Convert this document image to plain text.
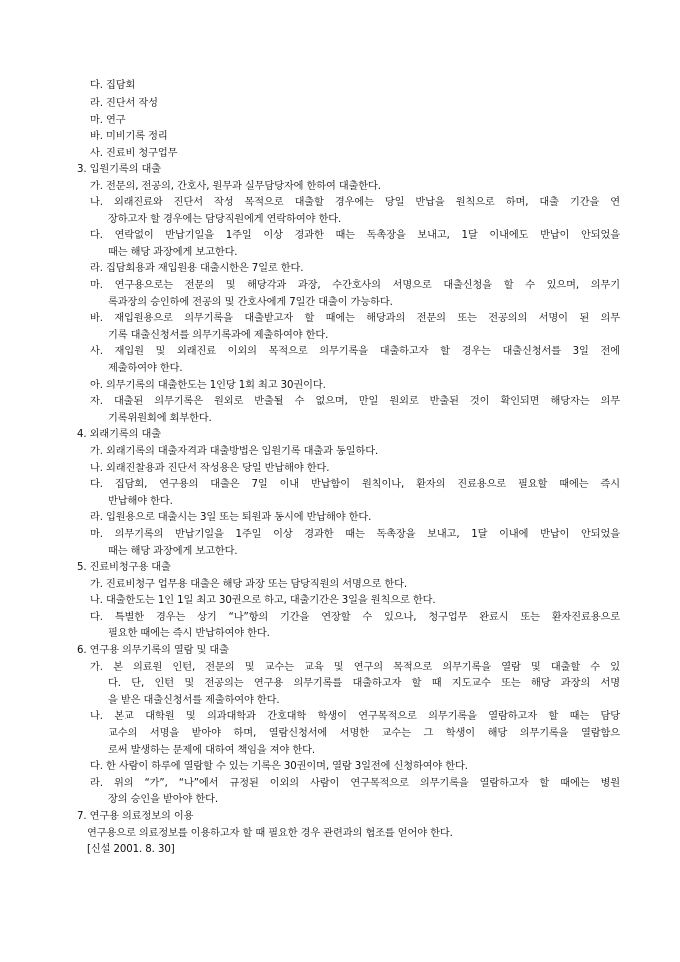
다. 집담회
라. 진단서 작성
마. 연구
바. 미비기록 정리
사. 진료비 청구업무
3. 입원기록의 대출
가. 전문의, 전공의, 간호사, 원무과 실무담당자에 한하여 대출한다.
나. 외래진료와 진단서 작성 목적으로 대출할 경우에는 당일 반납을 원칙으로 하며, 대출 기간을 연
장하고자 할 경우에는 담당직원에게 연락하여야 한다.
다. 연락없이 반납기일을 1주일 이상 경과한 때는 독촉장을 보내고, 1달 이내에도 반납이 안되었을
때는 해당 과장에게 보고한다.
라. 집담회용과 재입원용 대출시한은 7일로 한다.
마. 연구용으로는 전문의 및 해당각과 과장, 수간호사의 서명으로 대출신청을 할 수 있으며, 의무기
록과장의 승인하에 전공의 및 간호사에게 7일간 대출이 가능하다.
바. 재입원용으로 의무기록을 대출받고자 할 때에는 해당과의 전문의 또는 전공의의 서명이 된 의무
기록 대출신청서를 의무기록과에 제출하여야 한다.
사. 재입원 및 외래진료 이외의 목적으로 의무기록을 대출하고자 할 경우는 대출신청서를 3일 전에
제출하여야 한다.
아. 의무기록의 대출한도는 1인당 1회 최고 30권이다.
자. 대출된 의무기록은 원외로 반출될 수 없으며, 만일 원외로 반출된 것이 확인되면 해당자는 의무
기록위원회에 회부한다.
4. 외래기록의 대출
가. 외래기록의 대출자격과 대출방법은 입원기록 대출과 동일하다.
나. 외래진찰용과 진단서 작성용은 당일 반납해야 한다.
다. 집담회, 연구용의 대출은 7일 이내 반납함이 원칙이나, 환자의 진료용으로 필요할 때에는 즉시
반납해야 한다.
라. 입원용으로 대출시는 3일 또는 퇴원과 동시에 반납해야 한다.
마. 의무기록의 반납기일을 1주일 이상 경과한 때는 독촉장을 보내고, 1달 이내에 반납이 안되었을
때는 해당 과장에게 보고한다.
5. 진료비청구용 대출
가. 진료비청구 업무용 대출은 해당 과장 또는 담당직원의 서명으로 한다.
나. 대출한도는 1인 1일 최고 30권으로 하고, 대출기간은 3일을 원칙으로 한다.
다. 특별한 경우는 상기 “나”항의 기간을 연장할 수 있으나, 청구업무 완료시 또는 환자진료용으로
필요한 때에는 즉시 반납하여야 한다.
6. 연구용 의무기록의 열람 및 대출
가. 본 의료원 인턴, 전문의 및 교수는 교육 및 연구의 목적으로 의무기록을 열람 및 대출할 수 있
다. 단, 인턴 및 전공의는 연구용 의무기록를 대출하고자 할 때 지도교수 또는 해당 과장의 서명
을 받은 대출신청서를 제출하여야 한다.
나. 본교 대학원 및 의과대학과 간호대학 학생이 연구목적으로 의무기록을 열람하고자 할 때는 담당
교수의 서명을 받아야 하며, 열람신청서에 서명한 교수는 그 학생이 해당 의무기록을 열람함으
로써 발생하는 문제에 대하여 책임을 져야 한다.
다. 한 사람이 하루에 열람할 수 있는 기록은 30권이며, 열람 3일전에 신청하여야 한다.
라. 위의 “가”, “나”에서 규정된 이외의 사람이 연구목적으로 의무기록을 열람하고자 할 때에는 병원
장의 승인을 받아야 한다.
7. 연구용 의료정보의 이용
연구용으로 의료정보를 이용하고자 할 때 필요한 경우 관련과의 협조를 얻어야 한다.
[신설 2001. 8. 30]
